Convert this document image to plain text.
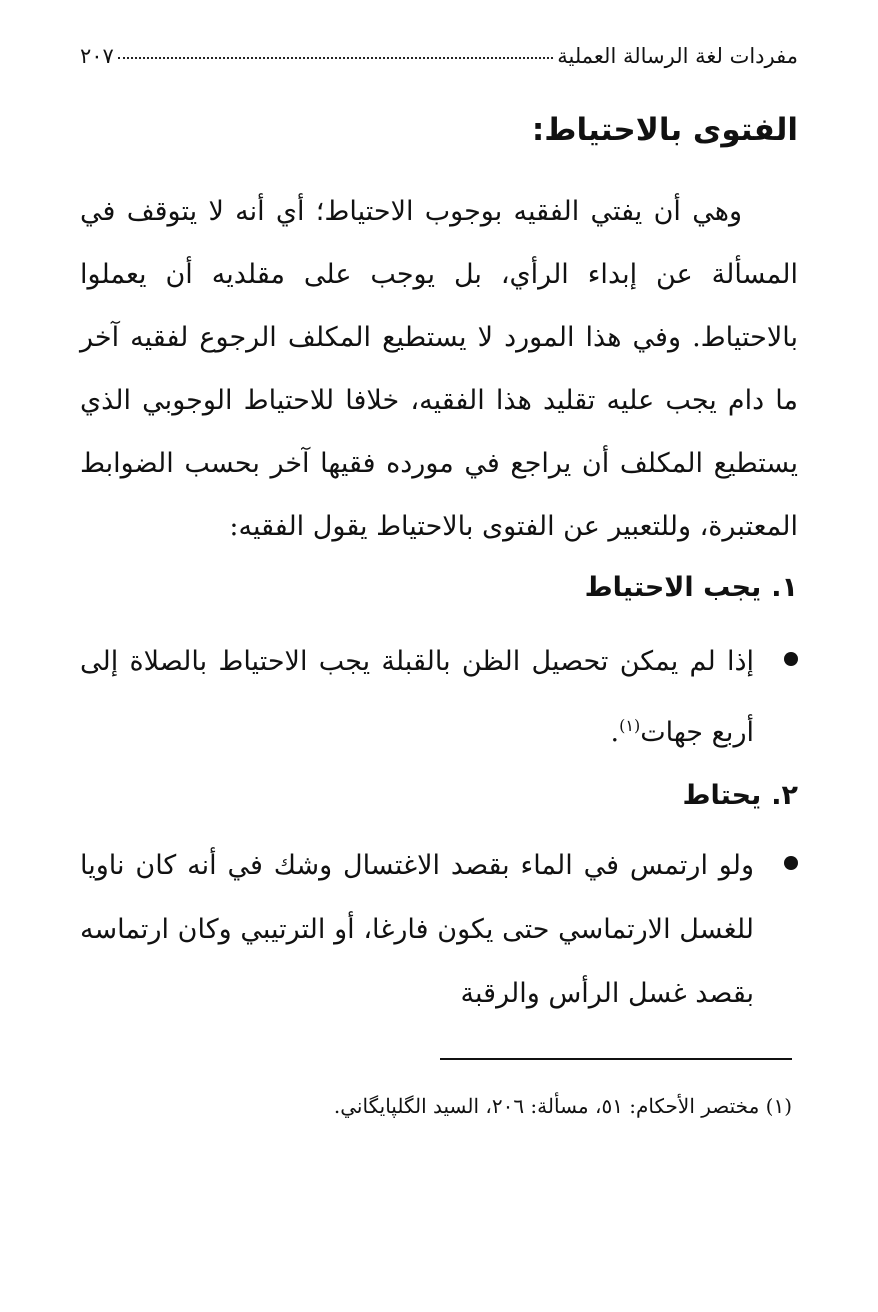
مفردات لغة الرسالة العملية
٢٠٧
الفتوى بالاحتياط:

وهي أن يفتي الفقيه بوجوب الاحتياط؛ أي أنه لا يتوقف في المسألة عن إبداء الرأي، بل يوجب على مقلديه أن يعملوا بالاحتياط. وفي هذا المورد لا يستطيع المكلف الرجوع لفقيه آخر ما دام يجب عليه تقليد هذا الفقيه، خلافا للاحتياط الوجوبي الذي يستطيع المكلف أن يراجع في مورده فقيها آخر بحسب الضوابط المعتبرة، وللتعبير عن الفتوى بالاحتياط يقول الفقيه:

١.يجب الاحتياط
إذا لم يمكن تحصيل الظن بالقبلة يجب الاحتياط بالصلاة إلى أربع جهات$^{(١)}$.
٢.يحتاط
ولو ارتمس في الماء بقصد الاغتسال وشك في أنه كان ناويا للغسل الارتماسي حتى يكون فارغا، أو الترتيبي وكان ارتماسه بقصد غسل الرأس والرقبة
(١) مختصر الأحكام: ٥١، مسألة: ٢٠٦، السيد الگلپايگاني.
